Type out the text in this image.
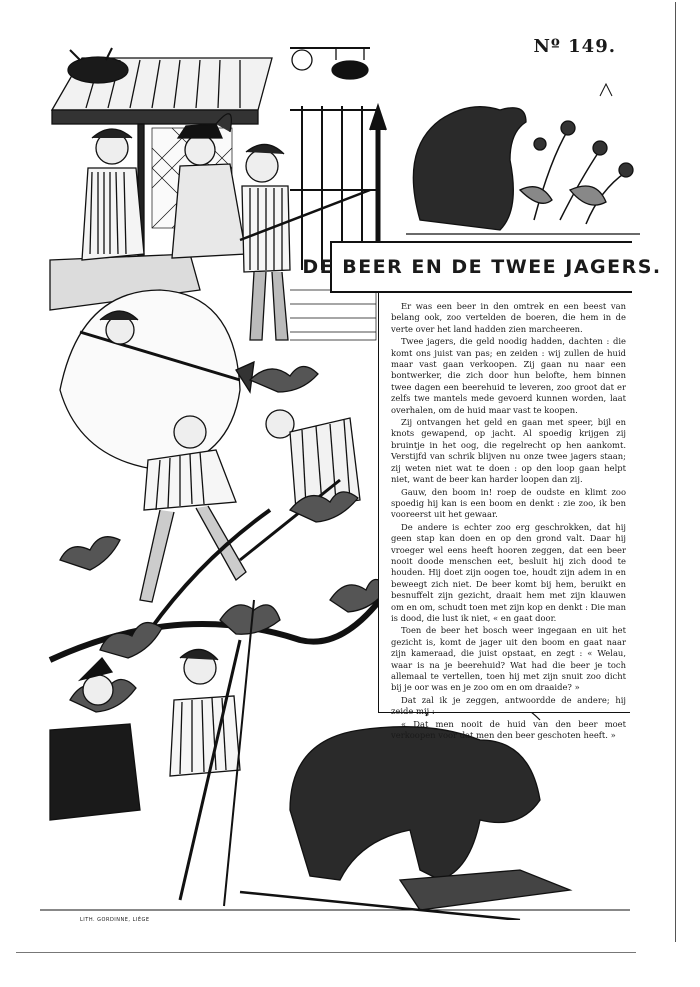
Nº 149.
DE BEER EN DE TWEE JAGERS.

Er was een beer in den omtrek en een beest van belang ook, zoo vertelden de boeren, die hem in de verte over het land hadden zien marcheeren.

Twee jagers, die geld noodig hadden, dachten : die komt ons juist van pas; en zeiden : wij zullen de huid maar vast gaan verkoopen. Zij gaan nu naar een bontwerker, die zich door hun belofte, hem binnen twee dagen een beerehuid te leveren, zoo groot dat er zelfs twe mantels mede gevoerd kunnen worden, laat overhalen, om de huid maar vast te koopen.

Zij ontvangen het geld en gaan met speer, bijl en knots gewapend, op jacht. Al spoedig krijgen zij bruintje in het oog, die regelrecht op hen aankomt. Verstijfd van schrik blijven nu onze twee jagers staan; zij weten niet wat te doen : op den loop gaan helpt niet, want de beer kan harder loopen dan zij.

Gauw, den boom in! roep de oudste en klimt zoo spoedig hij kan is een boom en denkt : zie zoo, ik ben vooreerst uit het gewaar.

De andere is echter zoo erg geschrokken, dat hij geen stap kan doen en op den grond valt. Daar hij vroeger wel eens heeft hooren zeggen, dat een beer nooit doode menschen eet, besluit hij zich dood te houden. Hij doet zijn oogen toe, houdt zijn adem in en beweegt zich niet. De beer komt bij hem, beruikt en besnuffelt zijn gezicht, draait hem met zijn klauwen om en om, schudt toen met zijn kop en denkt : Die man is dood, die lust ik niet, « en gaat door.

Toen de beer het bosch weer ingegaan en uit het gezicht is, komt de jager uit den boom en gaat naar zijn kameraad, die juist opstaat, en zegt : « Welau, waar is na je beerehuid? Wat had die beer je toch allemaal te vertellen, toen hij met zijn snuit zoo dicht bij je oor was en je zoo om en om draaide? »

Dat zal ik je zeggen, antwoordde de andere; hij zeide mij :

« Dat men nooit de huid van den beer moet verkoopen voor dat men den beer geschoten heeft. »

LITH. GORDINNE, LIÉGE
